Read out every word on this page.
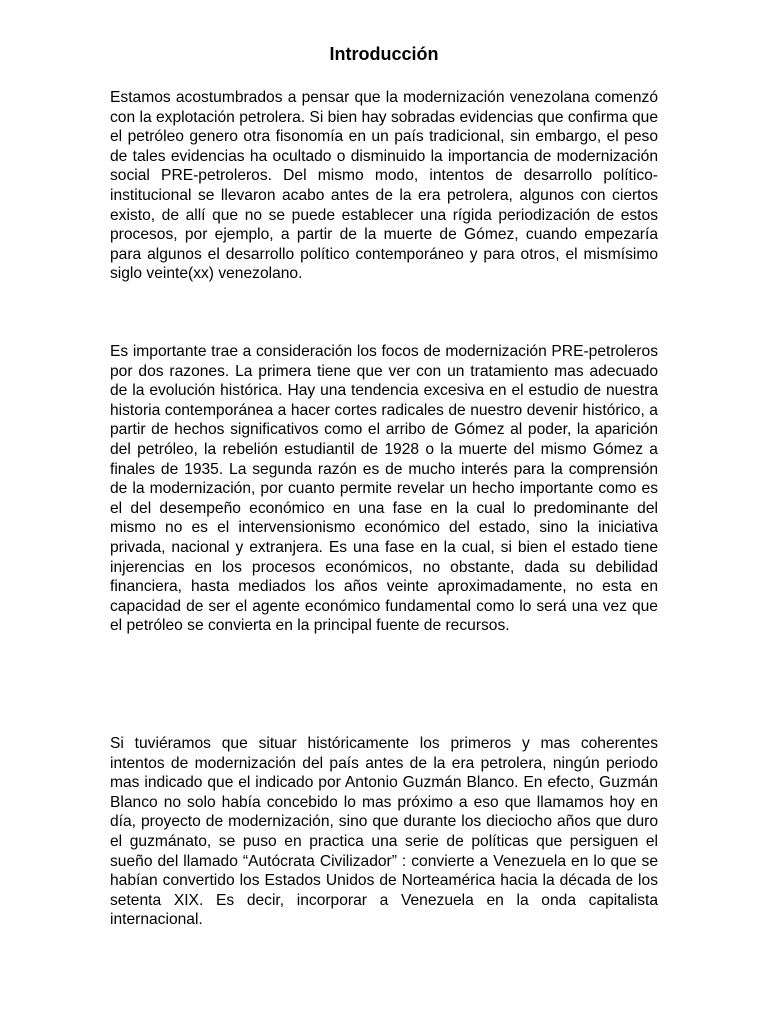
Introducción

Estamos acostumbrados a pensar que la modernización venezolana comenzó con la explotación petrolera. Si bien hay sobradas evidencias que confirma que el petróleo genero otra fisonomía en un país tradicional, sin embargo, el peso de tales evidencias ha ocultado o disminuido la importancia de modernización social PRE-petroleros. Del mismo modo, intentos de desarrollo político-institucional se llevaron acabo antes de la era petrolera, algunos con ciertos existo, de allí que no se puede establecer una rígida periodización de estos procesos, por ejemplo, a partir de la muerte de Gómez, cuando empezaría para algunos el desarrollo político contemporáneo y para otros, el mismísimo siglo veinte(xx) venezolano.

Es importante trae a consideración los focos de modernización PRE-petroleros por dos razones. La primera tiene que ver con un tratamiento mas adecuado de la evolución histórica. Hay una tendencia excesiva en el estudio de nuestra historia contemporánea a hacer cortes radicales de nuestro devenir histórico, a partir de hechos significativos como el arribo de Gómez al poder, la aparición del petróleo, la rebelión estudiantil de 1928 o la muerte del mismo Gómez a finales de 1935. La segunda razón es de mucho interés para la comprensión de la modernización, por cuanto permite revelar un hecho importante como es el del desempeño económico en una fase en la cual lo predominante del mismo no es el intervensionismo económico del estado, sino la iniciativa privada, nacional y extranjera. Es una fase en la cual, si bien el estado tiene injerencias en los procesos económicos, no obstante, dada su debilidad financiera, hasta mediados los años veinte aproximadamente, no esta en capacidad de ser el agente económico fundamental como lo será una vez que el petróleo se convierta en la principal fuente de recursos.

Si tuviéramos que situar históricamente los primeros y mas coherentes intentos de modernización del país antes de la era petrolera, ningún periodo mas indicado que el indicado por Antonio Guzmán Blanco. En efecto, Guzmán Blanco no solo había concebido lo mas próximo a eso que llamamos hoy en día, proyecto de modernización, sino que durante los dieciocho años que duro el guzmánato, se puso en practica una serie de políticas que persiguen el sueño del llamado “Autócrata Civilizador” : convierte a Venezuela en lo que se habían convertido los Estados Unidos de Norteamérica hacia la década de los setenta XIX. Es decir, incorporar a Venezuela en la onda capitalista internacional.
